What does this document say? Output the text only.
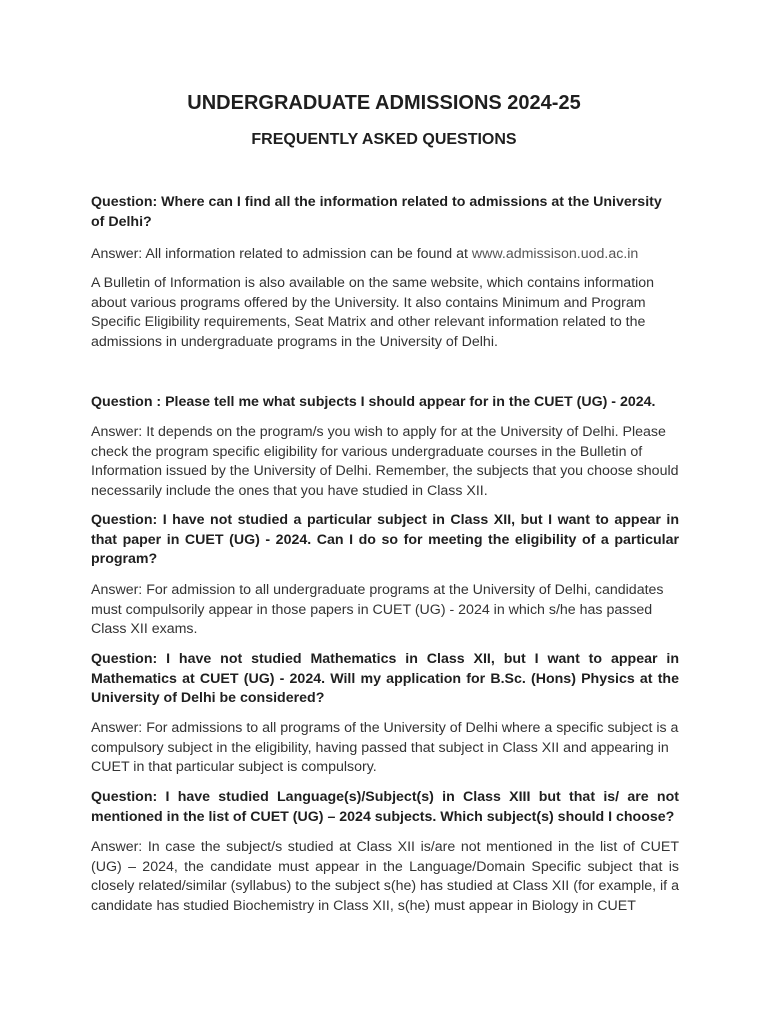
UNDERGRADUATE ADMISSIONS 2024-25
FREQUENTLY ASKED QUESTIONS

Question: Where can I find all the information related to admissions at the University of Delhi?

Answer: All information related to admission can be found at www.admissison.uod.ac.in

A Bulletin of Information is also available on the same website, which contains information about various programs offered by the University. It also contains Minimum and Program Specific Eligibility requirements, Seat Matrix and other relevant information related to the admissions in undergraduate programs in the University of Delhi.

Question : Please tell me what subjects I should appear for in the CUET (UG) - 2024.

Answer: It depends on the program/s you wish to apply for at the University of Delhi. Please check the program specific eligibility for various undergraduate courses in the Bulletin of Information issued by the University of Delhi. Remember, the subjects that you choose should necessarily include the ones that you have studied in Class XII.

Question: I have not studied a particular subject in Class XII, but I want to appear in that paper in CUET (UG) - 2024. Can I do so for meeting the eligibility of a particular program?

Answer: For admission to all undergraduate programs at the University of Delhi, candidates must compulsorily appear in those papers in CUET (UG) - 2024 in which s/he has passed Class XII exams.

Question: I have not studied Mathematics in Class XII, but I want to appear in Mathematics at CUET (UG) - 2024. Will my application for B.Sc. (Hons) Physics at the University of Delhi be considered?

Answer: For admissions to all programs of the University of Delhi where a specific subject is a compulsory subject in the eligibility, having passed that subject in Class XII and appearing in CUET in that particular subject is compulsory.

Question: I have studied Language(s)/Subject(s) in Class XIII but that is/ are not mentioned in the list of CUET (UG) – 2024 subjects. Which subject(s) should I choose?

Answer: In case the subject/s studied at Class XII is/are not mentioned in the list of CUET (UG) – 2024, the candidate must appear in the Language/Domain Specific subject that is closely related/similar (syllabus) to the subject s(he) has studied at Class XII (for example, if a candidate has studied Biochemistry in Class XII, s(he) must appear in Biology in CUET
